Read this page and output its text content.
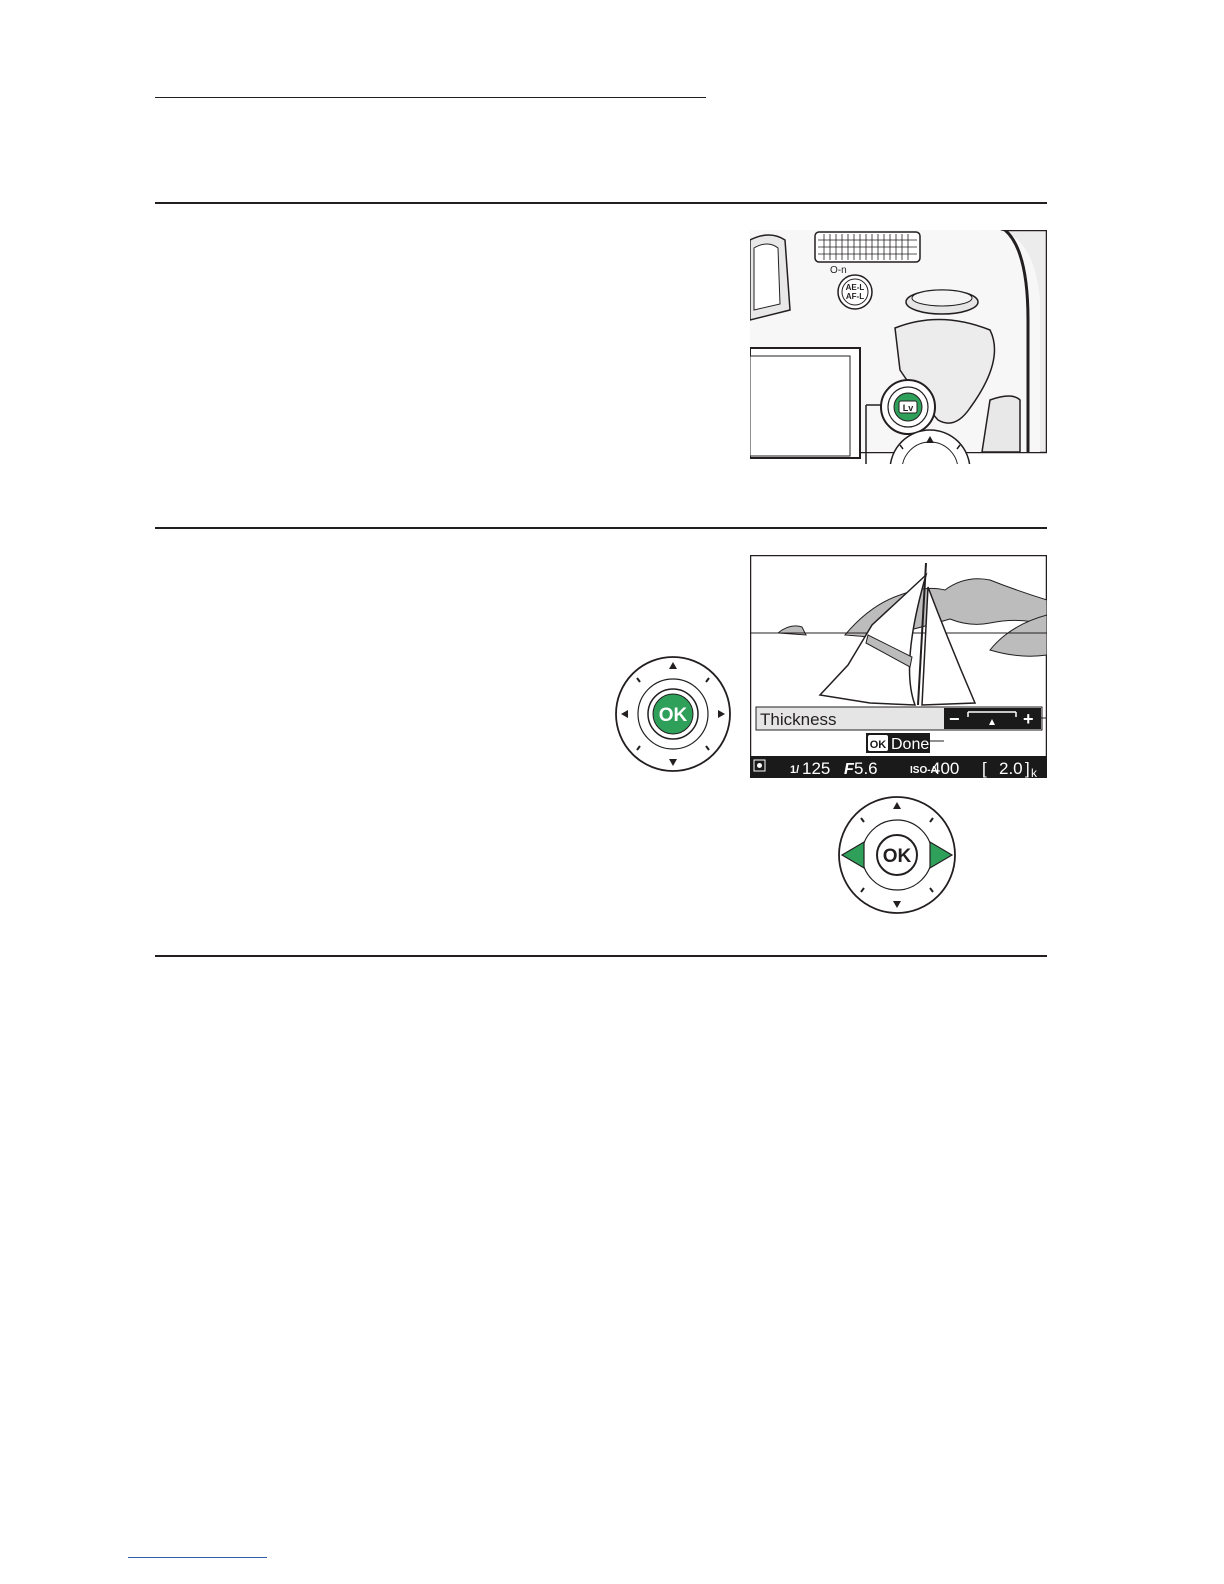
O-n
AE-L
AF-L
Lv
OK	Thickness	−	+
OK Done
1/ 125 F 5.6	ISO-A
400 [ 2.0 ] k
OK
